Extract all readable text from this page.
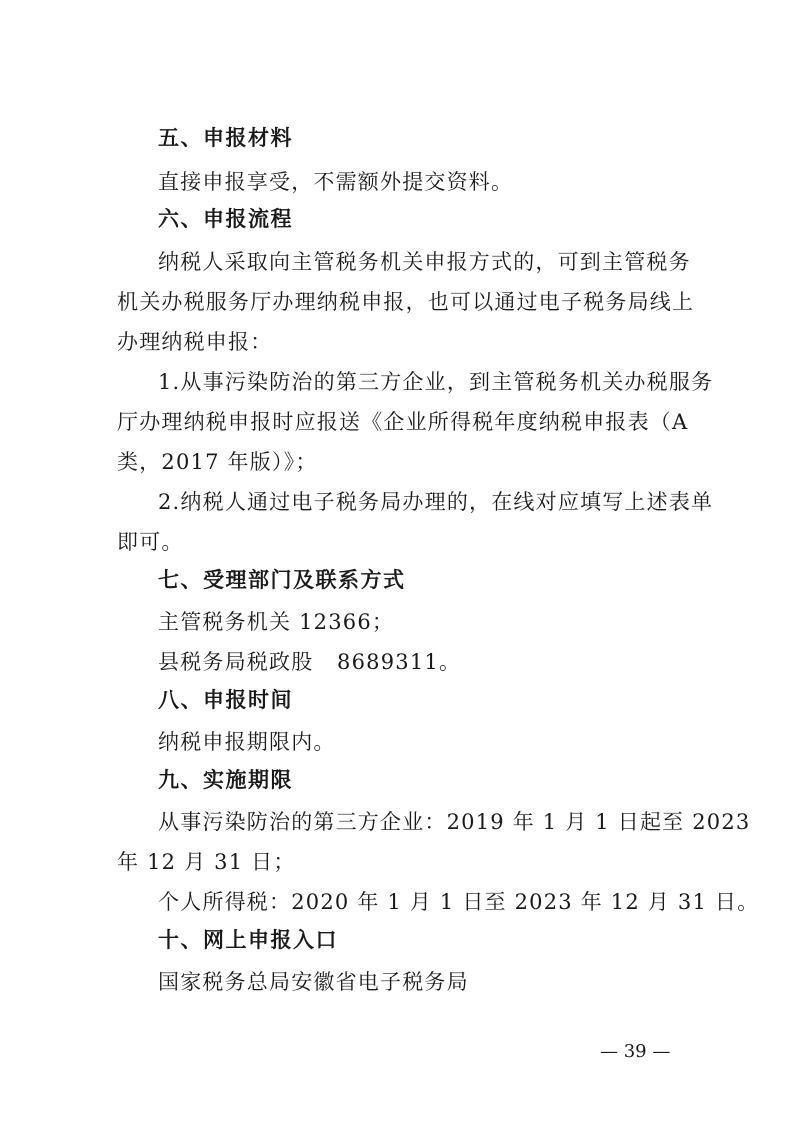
五、申报材料
直接申报享受，不需额外提交资料。
六、申报流程
纳税人采取向主管税务机关申报方式的，可到主管税务
机关办税服务厅办理纳税申报，也可以通过电子税务局线上
办理纳税申报：
1.从事污染防治的第三方企业，到主管税务机关办税服务
厅办理纳税申报时应报送《企业所得税年度纳税申报表（A
类，2017 年版）》；
2.纳税人通过电子税务局办理的，在线对应填写上述表单
即可。
七、受理部门及联系方式
主管税务机关 12366；
县税务局税政股   8689311。
八、申报时间
纳税申报期限内。
九、实施期限
从事污染防治的第三方企业：2019 年 1 月 1 日起至 2023
年 12 月 31 日；
个人所得税：2020 年 1 月 1 日至 2023 年 12 月 31 日。
十、网上申报入口
国家税务总局安徽省电子税务局
— 39 —
